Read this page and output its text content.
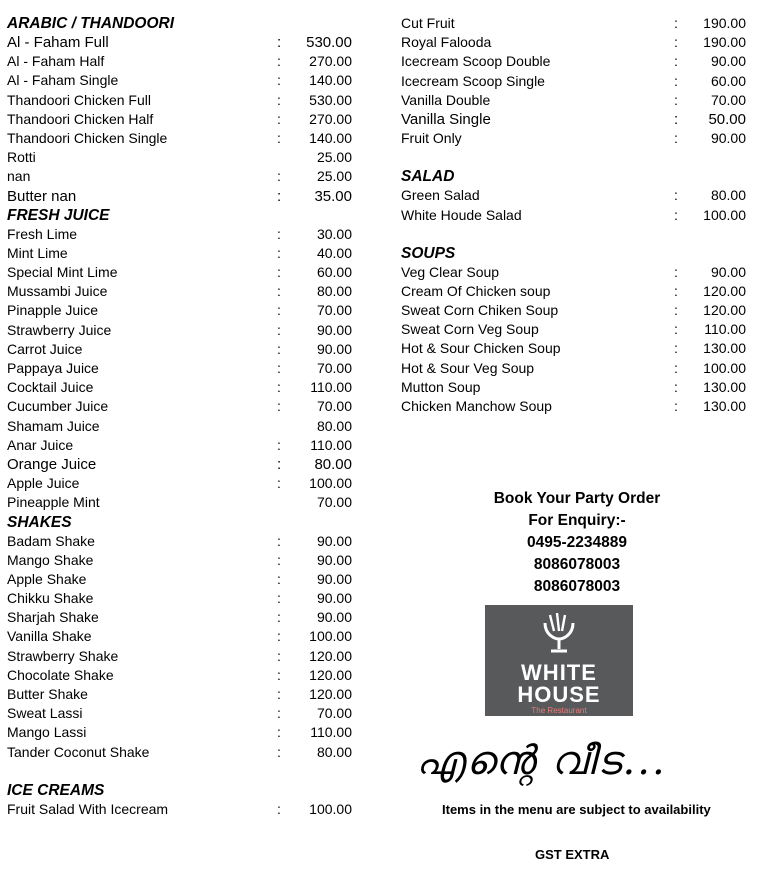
ARABIC / THANDOORI
Al - Faham Full	: 530.00
Al - Faham Half	: 270.00
Al - Faham Single	: 140.00
Thandoori Chicken Full	: 530.00
Thandoori Chicken Half	: 270.00
Thandoori Chicken Single	: 140.00
Rotti	25.00
nan	:	25.00
Butter nan	: 35.00
FRESH JUICE
Fresh Lime	:	30.00
Mint Lime	:	40.00
Special Mint Lime	:	60.00
Mussambi Juice	:	80.00
Pinapple Juice	:	70.00
Strawberry Juice	:	90.00
Carrot Juice	:	90.00
Pappaya Juice	:	70.00
Cocktail Juice	: 110.00
Cucumber Juice	:	70.00
Shamam Juice	80.00
Anar Juice	: 110.00
Orange Juice	: 80.00
Apple Juice	: 100.00
Pineapple Mint	70.00
SHAKES
Badam Shake	:	90.00
Mango Shake	:	90.00
Apple Shake	:	90.00
Chikku Shake	:	90.00
Sharjah Shake	:	90.00
Vanilla Shake	: 100.00
Strawberry Shake	: 120.00
Chocolate Shake	: 120.00
Butter Shake	: 120.00
Sweat Lassi	:	70.00
Mango Lassi	: 110.00
Tander Coconut Shake	:	80.00
ICE CREAMS
Fruit Salad With Icecream	: 100.00
Cut Fruit	: 190.00
Royal Falooda	: 190.00
Icecream Scoop Double	: 90.00
Icecream Scoop Single	: 60.00
Vanilla Double	: 70.00
Vanilla Single	: 50.00
Fruit Only	: 90.00
SALAD
Green Salad	: 80.00
White Houde Salad	: 100.00
SOUPS
Veg Clear Soup	: 90.00
Cream Of Chicken soup	: 120.00
Sweat Corn Chiken Soup	: 120.00
Sweat Corn Veg Soup	: 110.00
Hot & Sour Chicken Soup	: 130.00
Hot & Sour Veg Soup	: 100.00
Mutton Soup	: 130.00
Chicken Manchow Soup	: 130.00
Book Your Party Order
For Enquiry:-
0495-2234889
8086078003
8086078003
WHITE
HOUSE
The Restaurant
എന്റെ വീട...
Items in the menu are subject to availability
GST EXTRA
